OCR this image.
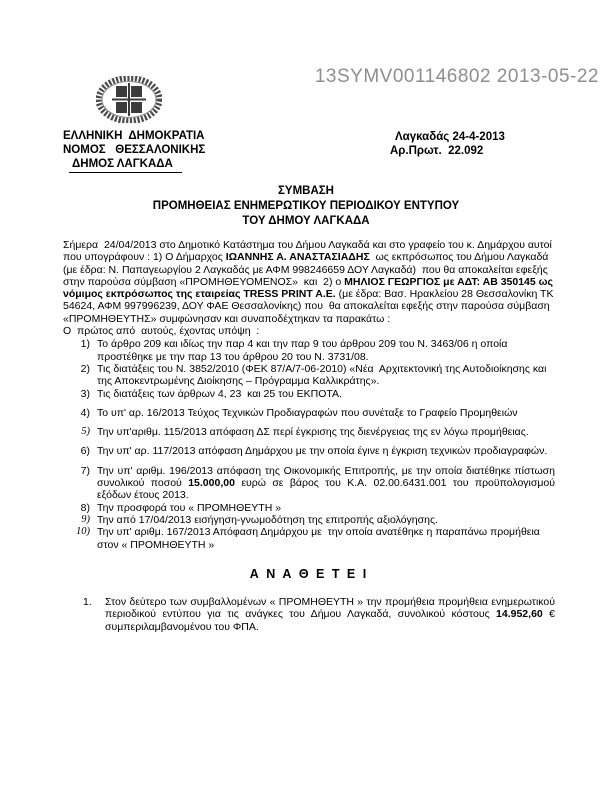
13SYMV001146802 2013-05-22
ΕΛΛΗΝΙΚΗ  ΔΗΜΟΚΡΑΤΙΑ
ΝΟΜΟΣ   ΘΕΣΣΑΛΟΝΙΚΗΣ
ΔΗΜΟΣ ΛΑΓΚΑΔΑ
Λαγκαδάς 24-4-2013
Αρ.Πρωτ.  22.092
ΣΥΜΒΑΣΗ
ΠΡΟΜΗΘΕΙΑΣ ΕΝΗΜΕΡΩΤΙΚΟΥ ΠΕΡΙΟΔΙΚΟΥ ΕΝΤΥΠΟΥ
ΤΟΥ ΔΗΜΟΥ ΛΑΓΚΑΔΑ

Σήμερα  24/04/2013 στο Δημοτικό Κατάστημα του Δήμου Λαγκαδά και στο γραφείο του κ. Δημάρχου αυτοί που υπογράφουν : 1) Ο Δήμαρχος ΙΩΑΝΝΗΣ Α. ΑΝΑΣΤΑΣΙΑΔΗΣ  ως εκπρόσωπος του Δήμου Λαγκαδά (με έδρα: Ν. Παπαγεωργίου 2 Λαγκαδάς με ΑΦΜ 998246659 ΔΟΥ Λαγκαδά)  που θα αποκαλείται εφεξής στην παρούσα σύμβαση «ΠΡΟΜΗΘΕΥΟΜΕΝΟΣ»  και  2) ο ΜΗΛΙΟΣ ΓΕΩΡΓΙΟΣ με ΑΔΤ: ΑΒ 350145 ως νόμιμος εκπρόσωπος της εταιρείας TRESS PRINT A.E. (με έδρα: Βασ. Ηρακλείου 28 Θεσσαλονίκη ΤΚ 54624, ΑΦΜ 997996239, ΔΟΥ ΦΑΕ Θεσσαλονίκης) που  θα αποκαλείται εφεξής στην παρούσα σύμβαση «ΠΡΟΜΗΘΕΥΤΗΣ» συμφώνησαν και συναποδέχτηκαν τα παρακάτω :

Ο  πρώτος από  αυτούς, έχοντας υπόψη  :

1) Το άρθρο 209 και ιδίως την παρ 4 και την παρ 9 του άρθρου 209 του Ν. 3463/06 η οποία προστέθηκε με την παρ 13 του άρθρου 20 του Ν. 3731/08.
2) Τις διατάξεις του Ν. 3852/2010 (ΦΕΚ 87/Α/7-06-2010) «Νέα  Αρχιτεκτονική της Αυτοδιοίκησης και της Αποκεντρωμένης Διοίκησης – Πρόγραμμα Καλλικράτης».
3) Τις διατάξεις των άρθρων 4, 23  και 25 του ΕΚΠΟΤΑ.
4) Το υπ' αρ. 16/2013 Τεύχος Τεχνικών Προδιαγραφών που συνέταξε το Γραφείο Προμηθειών
5) Την υπ'αριθμ. 115/2013 απόφαση ΔΣ περί έγκρισης της διενέργειας της εν λόγω προμήθειας.
6) Την υπ' αρ. 117/2013 απόφαση Δημάρχου με την οποία έγινε η έγκριση τεχνικών προδιαγραφών.
7) Την υπ' αριθμ. 196/2013 απόφαση της Οικονομικής Επιτροπής, με την οποία διατέθηκε πίστωση συνολικού ποσού 15.000,00 ευρώ σε βάρος του Κ.Α. 02.00.6431.001 του προϋπολογισμού εξόδων έτους 2013.
8) Την προσφορά του « ΠΡΟΜΗΘΕΥΤΗ »
9) Την από 17/04/2013 εισήγηση-γνωμοδότηση της επιτροπής αξιολόγησης.
10) Την υπ' αριθμ. 167/2013 Απόφαση Δημάρχου με  την οποία ανατέθηκε η παραπάνω προμήθεια στον « ΠΡΟΜΗΘΕΥΤΗ »
Α Ν Α Θ Ε Τ Ε Ι
1.	Στον δεύτερο των συμβαλλομένων « ΠΡΟΜΗΘΕΥΤΗ » την προμήθεια προμήθεια ενημερωτικού περιοδικού εντύπου για τις ανάγκες του Δήμου Λαγκαδά, συνολικού κόστους 14.952,60 € συμπεριλαμβανομένου του ΦΠΑ.
